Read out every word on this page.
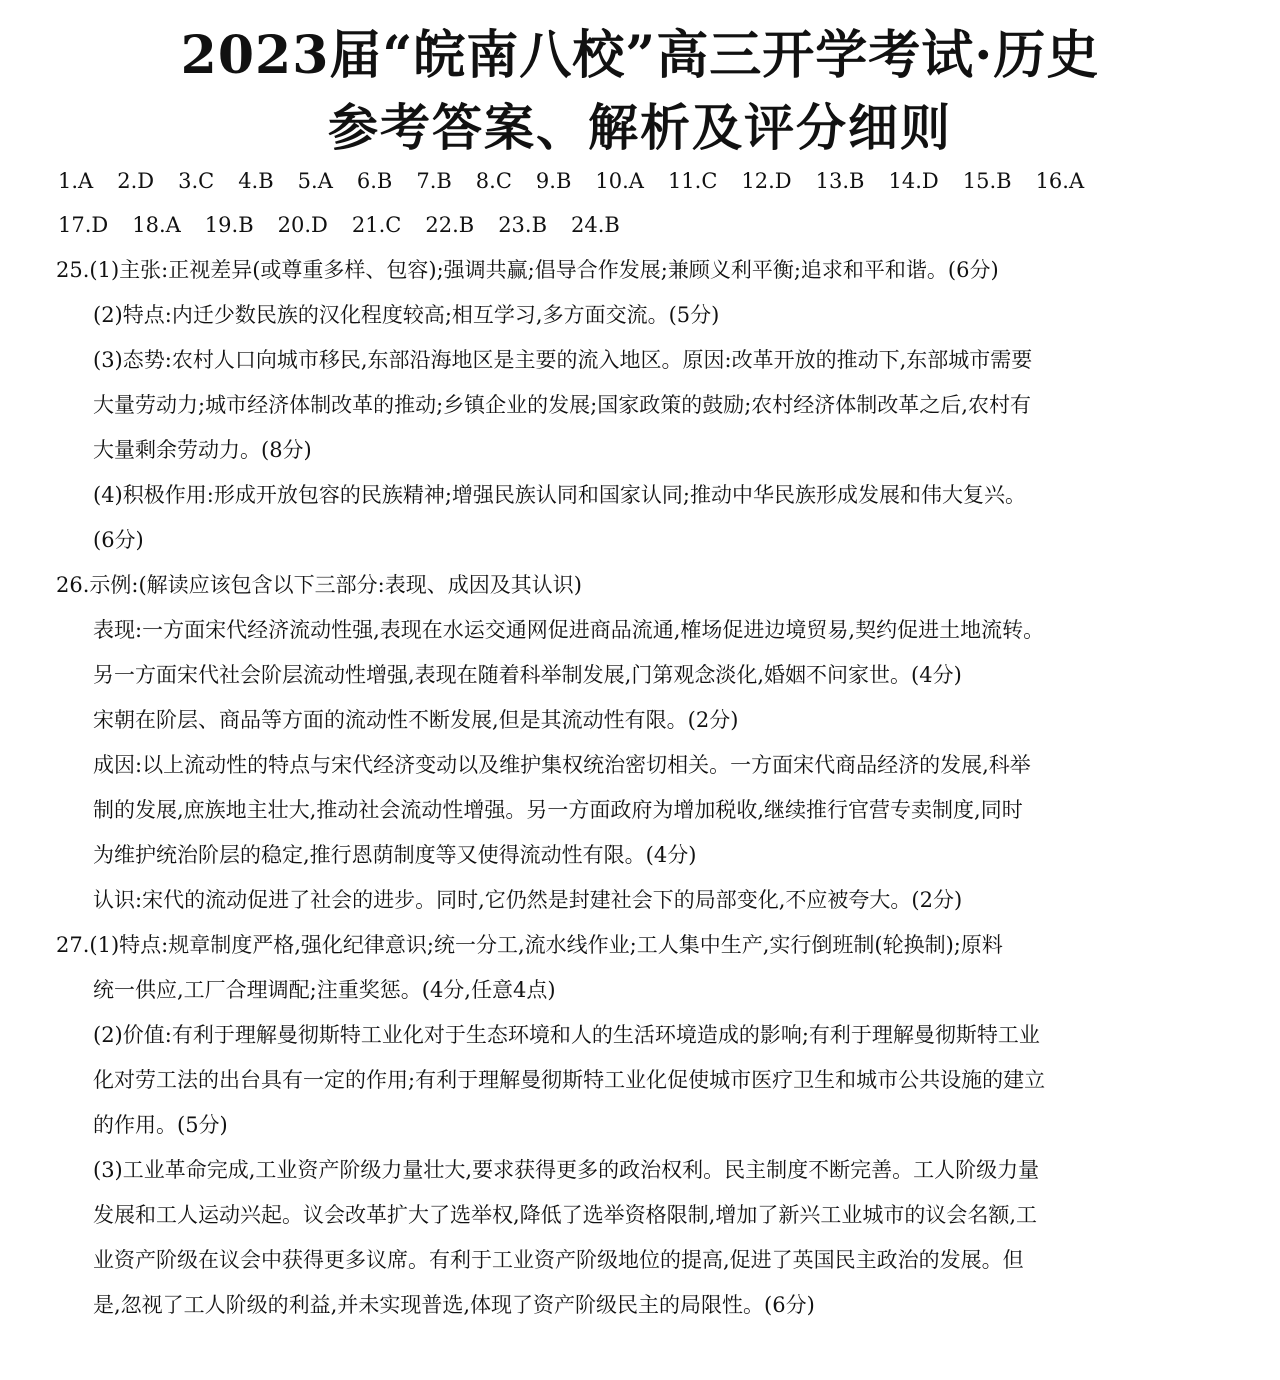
2023届“皖南八校”高三开学考试·历史
参考答案、解析及评分细则
1.A 2.D 3.C 4.B 5.A 6.B 7.B 8.C 9.B 10.A 11.C 12.D 13.B 14.D 15.B 16.A
17.D 18.A 19.B 20.D 21.C 22.B 23.B 24.B
25.(1)主张:正视差异(或尊重多样、包容);强调共赢;倡导合作发展;兼顾义利平衡;追求和平和谐。(6分)
(2)特点:内迁少数民族的汉化程度较高;相互学习,多方面交流。(5分)
(3)态势:农村人口向城市移民,东部沿海地区是主要的流入地区。原因:改革开放的推动下,东部城市需要
大量劳动力;城市经济体制改革的推动;乡镇企业的发展;国家政策的鼓励;农村经济体制改革之后,农村有
大量剩余劳动力。(8分)
(4)积极作用:形成开放包容的民族精神;增强民族认同和国家认同;推动中华民族形成发展和伟大复兴。
(6分)
26.示例:(解读应该包含以下三部分:表现、成因及其认识)
表现:一方面宋代经济流动性强,表现在水运交通网促进商品流通,榷场促进边境贸易,契约促进土地流转。
另一方面宋代社会阶层流动性增强,表现在随着科举制发展,门第观念淡化,婚姻不问家世。(4分)
宋朝在阶层、商品等方面的流动性不断发展,但是其流动性有限。(2分)
成因:以上流动性的特点与宋代经济变动以及维护集权统治密切相关。一方面宋代商品经济的发展,科举
制的发展,庶族地主壮大,推动社会流动性增强。另一方面政府为增加税收,继续推行官营专卖制度,同时
为维护统治阶层的稳定,推行恩荫制度等又使得流动性有限。(4分)
认识:宋代的流动促进了社会的进步。同时,它仍然是封建社会下的局部变化,不应被夸大。(2分)
27.(1)特点:规章制度严格,强化纪律意识;统一分工,流水线作业;工人集中生产,实行倒班制(轮换制);原料
统一供应,工厂合理调配;注重奖惩。(4分,任意4点)
(2)价值:有利于理解曼彻斯特工业化对于生态环境和人的生活环境造成的影响;有利于理解曼彻斯特工业
化对劳工法的出台具有一定的作用;有利于理解曼彻斯特工业化促使城市医疗卫生和城市公共设施的建立
的作用。(5分)
(3)工业革命完成,工业资产阶级力量壮大,要求获得更多的政治权利。民主制度不断完善。工人阶级力量
发展和工人运动兴起。议会改革扩大了选举权,降低了选举资格限制,增加了新兴工业城市的议会名额,工
业资产阶级在议会中获得更多议席。有利于工业资产阶级地位的提高,促进了英国民主政治的发展。但
是,忽视了工人阶级的利益,并未实现普选,体现了资产阶级民主的局限性。(6分)
